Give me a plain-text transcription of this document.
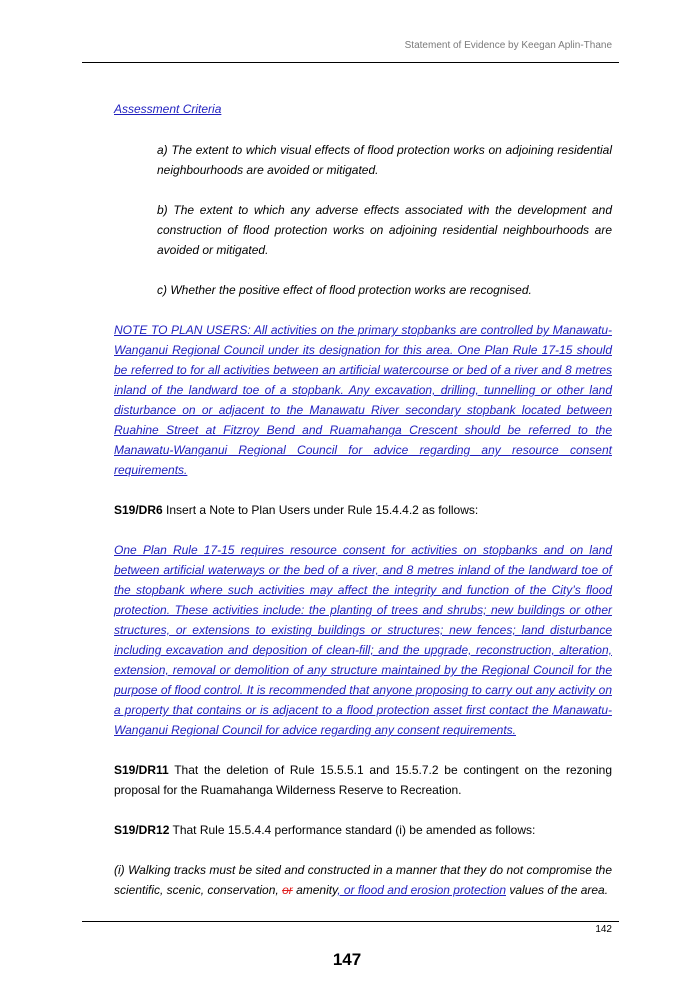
Statement of Evidence by Keegan Aplin-Thane

Assessment Criteria

a) The extent to which visual effects of flood protection works on adjoining residential neighbourhoods are avoided or mitigated.

b) The extent to which any adverse effects associated with the development and construction of flood protection works on adjoining residential neighbourhoods are avoided or mitigated.

c) Whether the positive effect of flood protection works are recognised.

NOTE TO PLAN USERS: All activities on the primary stopbanks are controlled by Manawatu-Wanganui Regional Council under its designation for this area. One Plan Rule 17-15 should be referred to for all activities between an artificial watercourse or bed of a river and 8 metres inland of the landward toe of a stopbank. Any excavation, drilling, tunnelling or other land disturbance on or adjacent to the Manawatu River secondary stopbank located between Ruahine Street at Fitzroy Bend and Ruamahanga Crescent should be referred to the Manawatu-Wanganui Regional Council for advice regarding any resource consent requirements.

S19/DR6 Insert a Note to Plan Users under Rule 15.4.4.2 as follows:

One Plan Rule 17-15 requires resource consent for activities on stopbanks and on land between artificial waterways or the bed of a river, and 8 metres inland of the landward toe of the stopbank where such activities may affect the integrity and function of the City’s flood protection. These activities include: the planting of trees and shrubs; new buildings or other structures, or extensions to existing buildings or structures; new fences; land disturbance including excavation and deposition of clean-fill; and the upgrade, reconstruction, alteration, extension, removal or demolition of any structure maintained by the Regional Council for the purpose of flood control. It is recommended that anyone proposing to carry out any activity on a property that contains or is adjacent to a flood protection asset first contact the Manawatu-Wanganui Regional Council for advice regarding any consent requirements.

S19/DR11 That the deletion of Rule 15.5.5.1 and 15.5.7.2 be contingent on the rezoning proposal for the Ruamahanga Wilderness Reserve to Recreation.

S19/DR12 That Rule 15.5.4.4 performance standard (i) be amended as follows:

(i) Walking tracks must be sited and constructed in a manner that they do not compromise the scientific, scenic, conservation, or amenity, or flood and erosion protection values of the area.

142
147
